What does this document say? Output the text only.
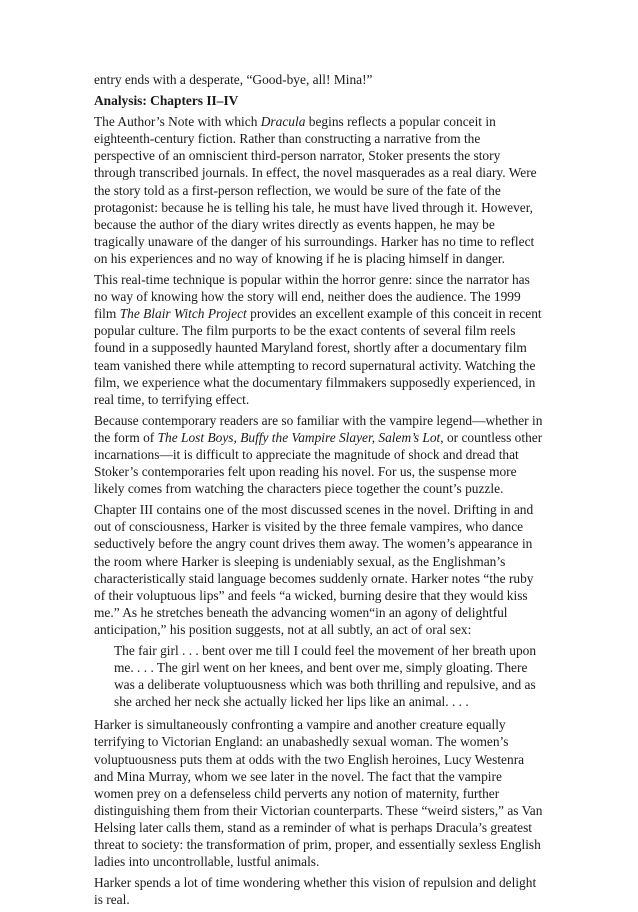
entry ends with a desperate, “Good-bye, all! Mina!”

Analysis: Chapters II–IV

The Author’s Note with which Dracula begins reflects a popular conceit in eighteenth-century fiction. Rather than constructing a narrative from the perspective of an omniscient third-person narrator, Stoker presents the story through transcribed journals. In effect, the novel masquerades as a real diary. Were the story told as a first-person reflection, we would be sure of the fate of the protagonist: because he is telling his tale, he must have lived through it. However, because the author of the diary writes directly as events happen, he may be tragically unaware of the danger of his surroundings. Harker has no time to reflect on his experiences and no way of knowing if he is placing himself in danger.

This real-time technique is popular within the horror genre: since the narrator has no way of knowing how the story will end, neither does the audience. The 1999 film The Blair Witch Project provides an excellent example of this conceit in recent popular culture. The film purports to be the exact contents of several film reels found in a supposedly haunted Maryland forest, shortly after a documentary film team vanished there while attempting to record supernatural activity. Watching the film, we experience what the documentary filmmakers supposedly experienced, in real time, to terrifying effect.

Because contemporary readers are so familiar with the vampire legend—whether in the form of The Lost Boys, Buffy the Vampire Slayer, Salem’s Lot, or countless other incarnations—it is difficult to appreciate the magnitude of shock and dread that Stoker’s contemporaries felt upon reading his novel. For us, the suspense more likely comes from watching the characters piece together the count’s puzzle.

Chapter III contains one of the most discussed scenes in the novel. Drifting in and out of consciousness, Harker is visited by the three female vampires, who dance seductively before the angry count drives them away. The women’s appearance in the room where Harker is sleeping is undeniably sexual, as the Englishman’s characteristically staid language becomes suddenly ornate. Harker notes “the ruby of their voluptuous lips” and feels “a wicked, burning desire that they would kiss me.” As he stretches beneath the advancing women“in an agony of delightful anticipation,” his position suggests, not at all subtly, an act of oral sex:

The fair girl . . . bent over me till I could feel the movement of her breath upon me. . . . The girl went on her knees, and bent over me, simply gloating. There was a deliberate voluptuousness which was both thrilling and repulsive, and as she arched her neck she actually licked her lips like an animal. . . .

Harker is simultaneously confronting a vampire and another creature equally terrifying to Victorian England: an unabashedly sexual woman. The women’s voluptuousness puts them at odds with the two English heroines, Lucy Westenra and Mina Murray, whom we see later in the novel. The fact that the vampire women prey on a defenseless child perverts any notion of maternity, further distinguishing them from their Victorian counterparts. These “weird sisters,” as Van Helsing later calls them, stand as a reminder of what is perhaps Dracula’s greatest threat to society: the transformation of prim, proper, and essentially sexless English ladies into uncontrollable, lustful animals.

Harker spends a lot of time wondering whether this vision of repulsion and delight is real.
